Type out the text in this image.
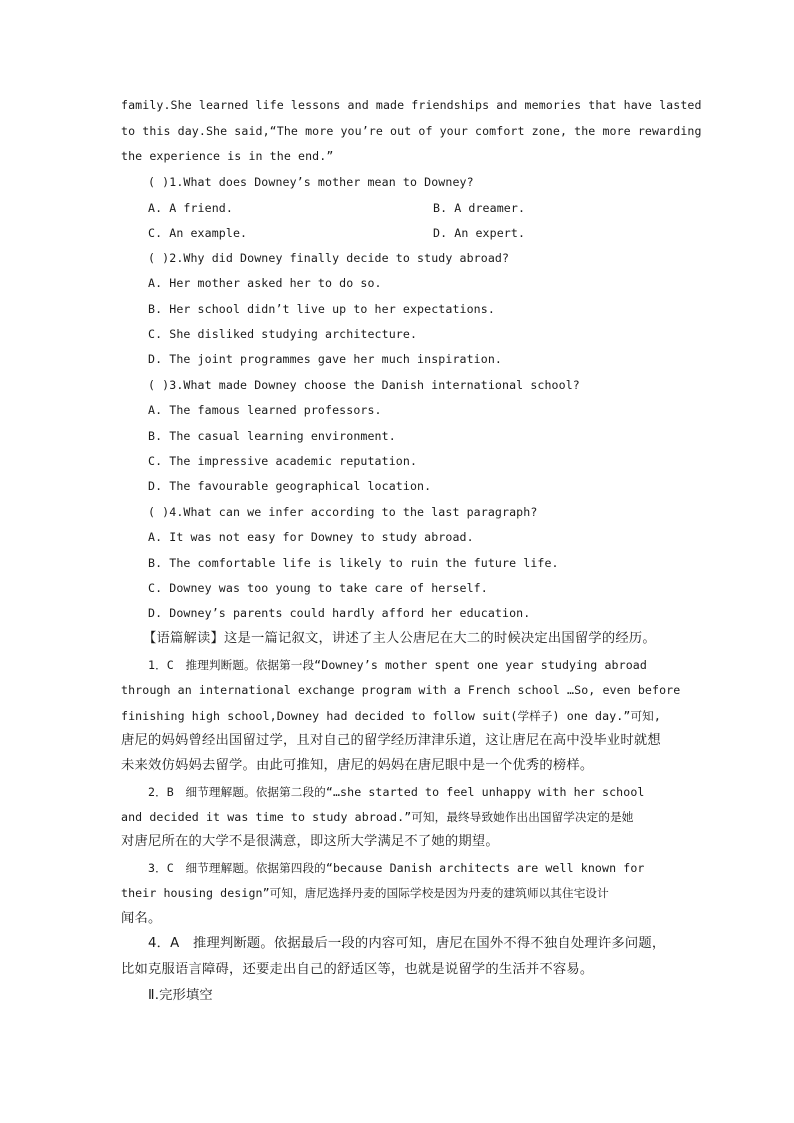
family.She learned life lessons and made friendships and memories that have lasted
to this day.She said,“The more you’re out of your comfort zone, the more rewarding
the experience is in the end.”
( )1.What does Downey’s mother mean to Downey?
A. A friend.	B. A dreamer.
C. An example.	D. An expert.
( )2.Why did Downey finally decide to study abroad?
A. Her mother asked her to do so.
B. Her school didn’t live up to her expectations.
C. She disliked studying architecture.
D. The joint programmes gave her much inspiration.
( )3.What made Downey choose the Danish international school?
A. The famous learned professors.
B. The casual learning environment.
C. The impressive academic reputation.
D. The favourable geographical location.
( )4.What can we infer according to the last paragraph?
A. It was not easy for Downey to study abroad.
B. The comfortable life is likely to ruin the future life.
C. Downey was too young to take care of herself.
D. Downey’s parents could hardly afford her education.
【语篇解读】这是一篇记叙文，讲述了主人公唐尼在大二的时候决定出国留学的经历。
1．C　推理判断题。依据第一段“Downey’s mother spent one year studying abroad
through an international exchange program with a French school …So, even before
finishing high school,Downey had decided to follow suit(学样子) one day.”可知,
唐尼的妈妈曾经出国留过学，且对自己的留学经历津津乐道，这让唐尼在高中没毕业时就想
未来效仿妈妈去留学。由此可推知，唐尼的妈妈在唐尼眼中是一个优秀的榜样。
2．B　细节理解题。依据第二段的“…she started to feel unhappy with her school
and decided it was time to study abroad.”可知，最终导致她作出出国留学决定的是她
对唐尼所在的大学不是很满意，即这所大学满足不了她的期望。
3．C　细节理解题。依据第四段的“because Danish architects are well known for
their housing design”可知，唐尼选择丹麦的国际学校是因为丹麦的建筑师以其住宅设计
闻名。
4．A　推理判断题。依据最后一段的内容可知，唐尼在国外不得不独自处理许多问题，
比如克服语言障碍，还要走出自己的舒适区等，也就是说留学的生活并不容易。
Ⅱ.完形填空
